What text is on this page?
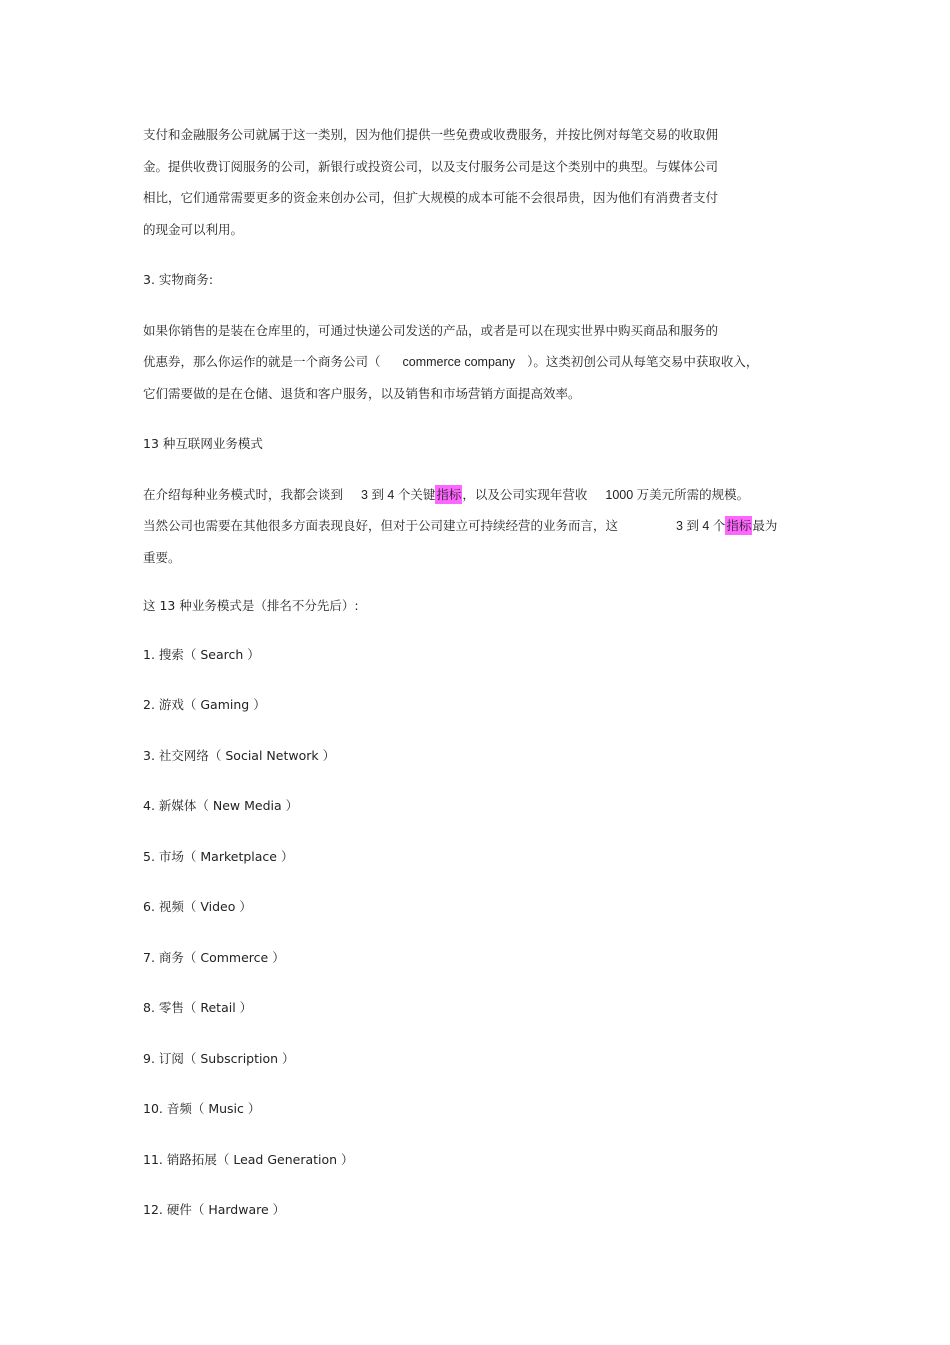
支付和金融服务公司就属于这一类别，因为他们提供一些免费或收费服务，并按比例对每笔交易的收取佣
金。提供收费订阅服务的公司，新银行或投资公司，以及支付服务公司是这个类别中的典型。与媒体公司
相比，它们通常需要更多的资金来创办公司，但扩大规模的成本可能不会很昂贵，因为他们有消费者支付
的现金可以利用。
3. 实物商务:
如果你销售的是装在仓库里的，可通过快递公司发送的产品，或者是可以在现实世界中购买商品和服务的
优惠券，那么你运作的就是一个商务公司（ commerce company ）。这类初创公司从每笔交易中获取收入，
它们需要做的是在仓储、退货和客户服务，以及销售和市场营销方面提高效率。
13 种互联网业务模式
在介绍每种业务模式时，我都会谈到 3 到 4 个关键指标，以及公司实现年营收 1000 万美元所需的规模。
当然公司也需要在其他很多方面表现良好，但对于公司建立可持续经营的业务而言，这	3 到 4 个指标最为
重要。
这 13 种业务模式是（排名不分先后）:
1. 搜索（ Search ）
2. 游戏（ Gaming ）
3. 社交网络（ Social Network ）
4. 新媒体（ New Media ）
5. 市场（ Marketplace ）
6. 视频（ Video ）
7. 商务（ Commerce ）
8. 零售（ Retail ）
9. 订阅（ Subscription ）
10. 音频（ Music ）
11. 销路拓展（ Lead Generation ）
12. 硬件（ Hardware ）
